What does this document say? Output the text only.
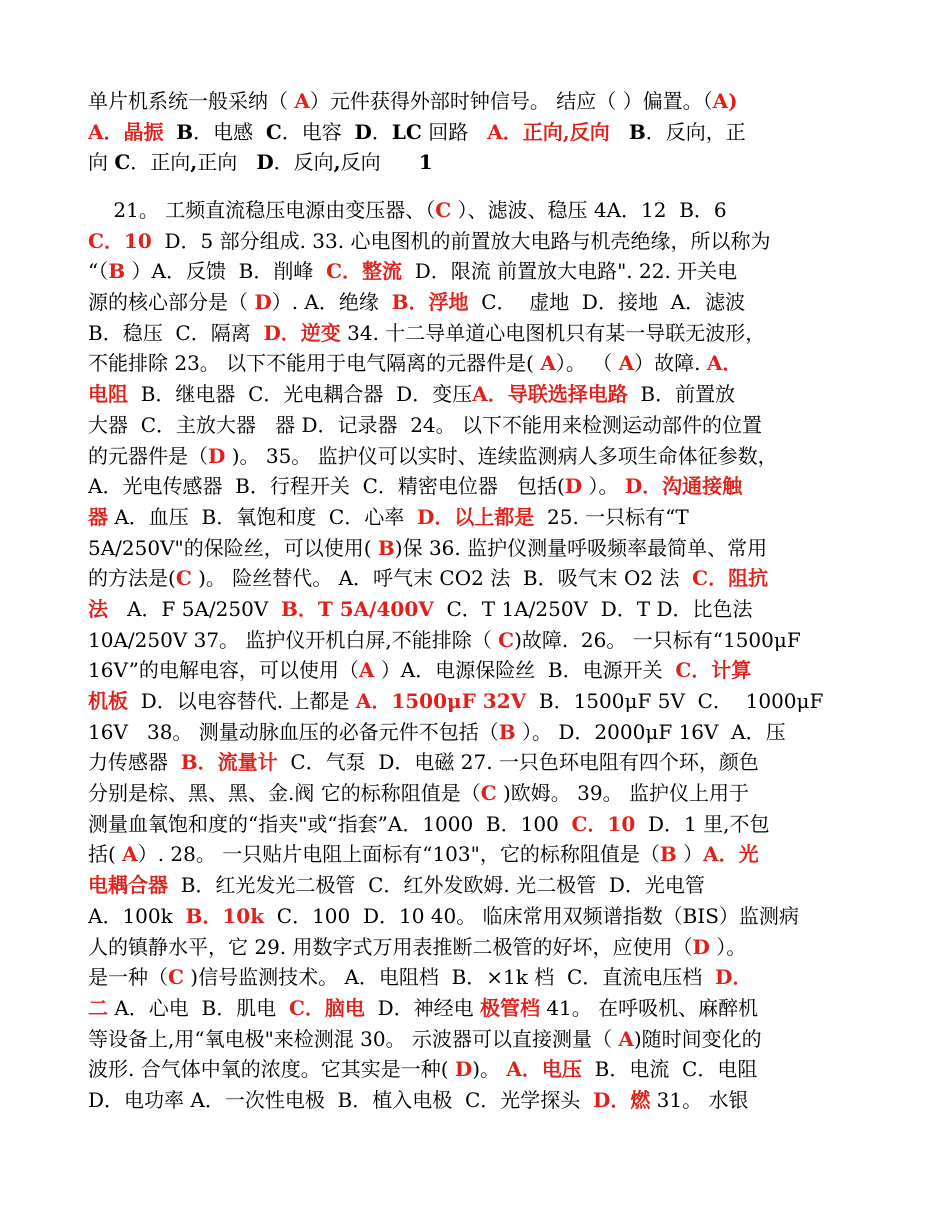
单片机系统一般采纳（ A）元件获得外部时钟信号。 结应（ ）偏置。（A)
A．晶振 B．电感  C．电容  D．LC 回路   A．正向,反向 B．反向，正
向 C．正向,正向   D．反向,反向      1
21。 工频直流稳压电源由变压器、（C ）、滤波、稳压 4A．12  B．6
C．10  D．5 部分组成. 33. 心电图机的前置放大电路与机壳绝缘，所以称为
“（B ）A．反馈  B．削峰  C．整流  D．限流 前置放大电路". 22. 开关电
源的核心部分是（ D）. A．绝缘  B．浮地  C．  虚地  D．接地  A．滤波
B．稳压  C．隔离  D．逆变 34. 十二导单道心电图机只有某一导联无波形，
不能排除 23。 以下不能用于电气隔离的元器件是( A）。 （ A）故障. A．
电阻  B．继电器  C．光电耦合器  D．变压A．导联选择电路  B．前置放
大器  C．主放大器   器 D．记录器  24。 以下不能用来检测运动部件的位置
的元器件是（D )。 35。 监护仪可以实时、连续监测病人多项生命体征参数，
A．光电传感器  B．行程开关  C．精密电位器   包括(D ）。 D．沟通接触
器 A．血压  B．氧饱和度  C．心率  D．以上都是  25. 一只标有“T
5A/250V"的保险丝，可以使用( B)保 36. 监护仪测量呼吸频率最简单、常用
的方法是(C )。 险丝替代。 A．呼气末 CO2 法  B．吸气末 O2 法  C．阻抗
法   A．F 5A/250V  B．T 5A/400V  C．T 1A/250V  D．T D．比色法
10A/250V 37。 监护仪开机白屏,不能排除（ C)故障.  26。 一只标有“1500μF
16V”的电解电容，可以使用（A ）A．电源保险丝  B．电源开关  C．计算
机板  D．以电容替代. 上都是 A．1500μF 32V  B．1500μF 5V  C．  1000μF
16V   38。 测量动脉血压的必备元件不包括（B ）。 D．2000μF 16V  A．压
力传感器  B．流量计  C．气泵  D．电磁 27. 一只色环电阻有四个环，颜色
分别是棕、黑、黑、金.阀 它的标称阻值是（C )欧姆。 39。 监护仪上用于
测量血氧饱和度的“指夹"或“指套”A．1000  B．100  C．10  D．1 里,不包
括( A）. 28。 一只贴片电阻上面标有“103"，它的标称阻值是（B ）A．光
电耦合器  B．红光发光二极管  C．红外发欧姆. 光二极管  D．光电管
A．100k  B．10k  C．100  D．10 40。 临床常用双频谱指数（BIS）监测病
人的镇静水平，它 29. 用数字式万用表推断二极管的好坏，应使用（D ）。
是一种（C )信号监测技术。 A．电阻档  B．×1k 档  C．直流电压档  D．
二 A．心电  B．肌电  C．脑电  D．神经电 极管档 41。 在呼吸机、麻醉机
等设备上,用“氧电极"来检测混 30。 示波器可以直接测量（ A)随时间变化的
波形. 合气体中氧的浓度。它其实是一种( D)。 A．电压  B．电流  C．电阻
D．电功率 A．一次性电极  B．植入电极  C．光学探头  D．燃 31。 水银
